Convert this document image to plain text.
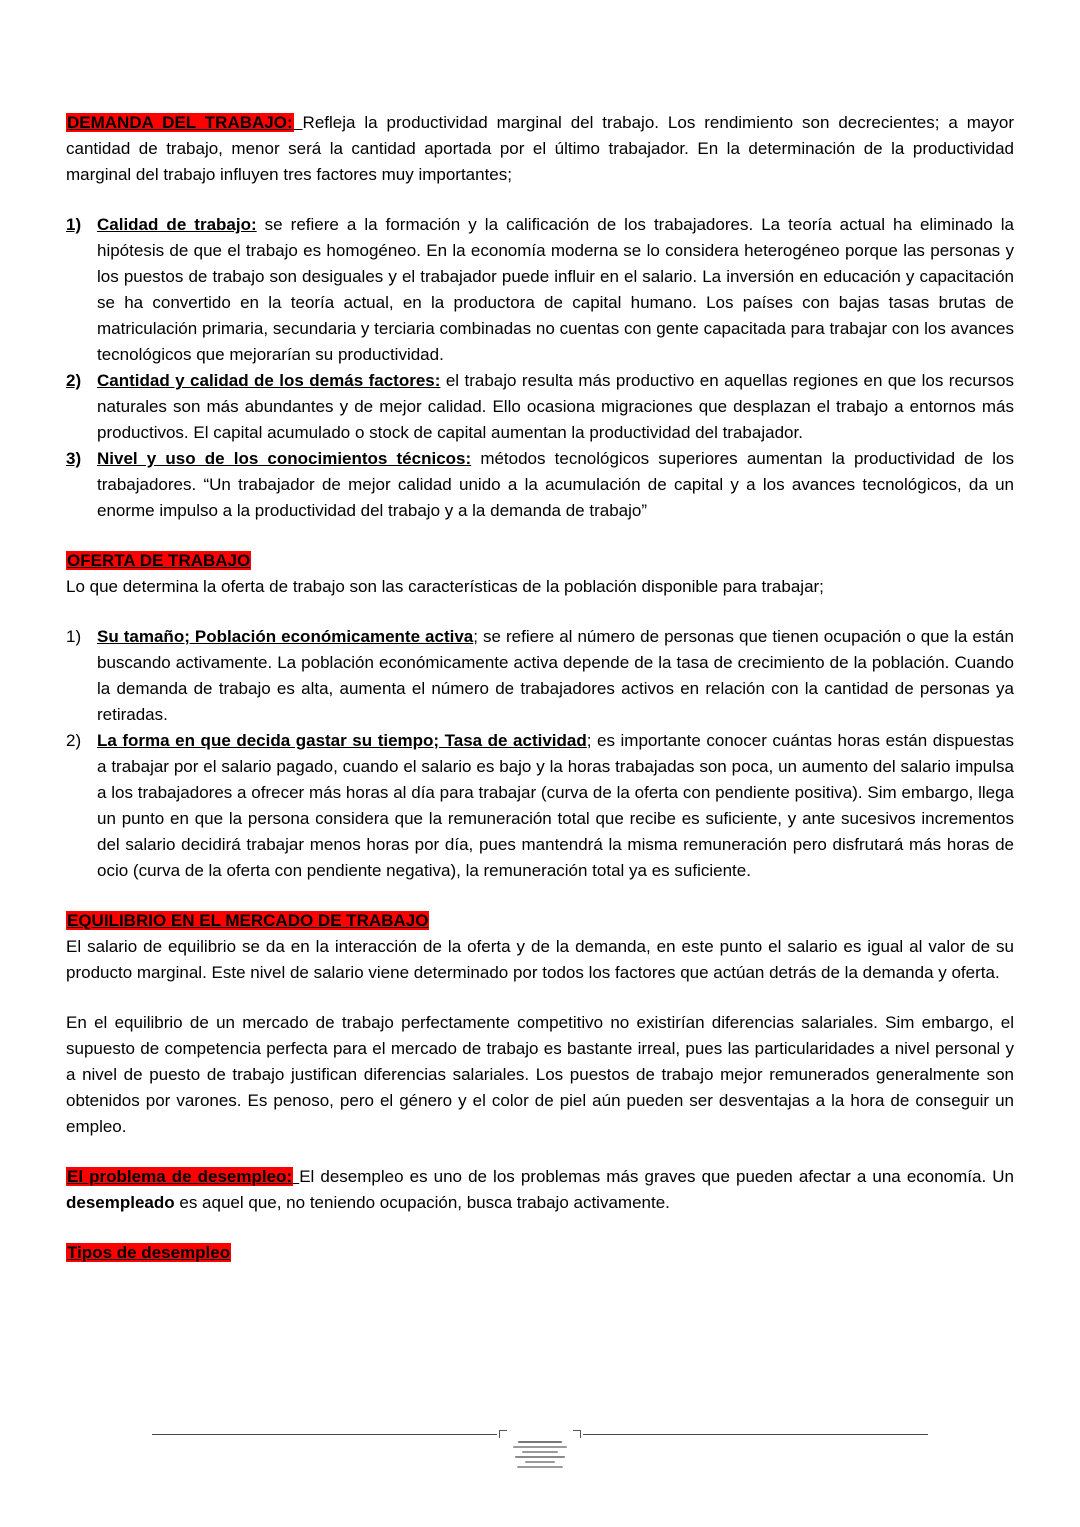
DEMANDA DEL TRABAJO: Refleja la productividad marginal del trabajo. Los rendimiento son decrecientes; a mayor cantidad de trabajo, menor será la cantidad aportada por el último trabajador. En la determinación de la productividad marginal del trabajo influyen tres factores muy importantes;

1) Calidad de trabajo: se refiere a la formación y la calificación de los trabajadores. La teoría actual ha eliminado la hipótesis de que el trabajo es homogéneo. En la economía moderna se lo considera heterogéneo porque las personas y los puestos de trabajo son desiguales y el trabajador puede influir en el salario. La inversión en educación y capacitación se ha convertido en la teoría actual, en la productora de capital humano. Los países con bajas tasas brutas de matriculación primaria, secundaria y terciaria combinadas no cuentas con gente capacitada para trabajar con los avances tecnológicos que mejorarían su productividad.
2) Cantidad y calidad de los demás factores: el trabajo resulta más productivo en aquellas regiones en que los recursos naturales son más abundantes y de mejor calidad. Ello ocasiona migraciones que desplazan el trabajo a entornos más productivos. El capital acumulado o stock de capital aumentan la productividad del trabajador.
3) Nivel y uso de los conocimientos técnicos: métodos tecnológicos superiores aumentan la productividad de los trabajadores. “Un trabajador de mejor calidad unido a la acumulación de capital y a los avances tecnológicos, da un enorme impulso a la productividad del trabajo y a la demanda de trabajo”

OFERTA DE TRABAJO

Lo que determina la oferta de trabajo son las características de la población disponible para trabajar;

1) Su tamaño; Población económicamente activa; se refiere al número de personas que tienen ocupación o que la están buscando activamente. La población económicamente activa depende de la tasa de crecimiento de la población. Cuando la demanda de trabajo es alta, aumenta el número de trabajadores activos en relación con la cantidad de personas ya retiradas.
2) La forma en que decida gastar su tiempo; Tasa de actividad; es importante conocer cuántas horas están dispuestas a trabajar por el salario pagado, cuando el salario es bajo y la horas trabajadas son poca, un aumento del salario impulsa a los trabajadores a ofrecer más horas al día para trabajar (curva de la oferta con pendiente positiva). Sim embargo, llega un punto en que la persona considera que la remuneración total que recibe es suficiente, y ante sucesivos incrementos del salario decidirá trabajar menos horas por día, pues mantendrá la misma remuneración pero disfrutará más horas de ocio (curva de la oferta con pendiente negativa), la remuneración total ya es suficiente.

EQUILIBRIO EN EL MERCADO DE TRABAJO

El salario de equilibrio se da en la interacción de la oferta y de la demanda, en este punto el salario es igual al valor de su producto marginal. Este nivel de salario viene determinado por todos los factores que actúan detrás de la demanda y oferta.

En el equilibrio de un mercado de trabajo perfectamente competitivo no existirían diferencias salariales. Sim embargo, el supuesto de competencia perfecta para el mercado de trabajo es bastante irreal, pues las particularidades a nivel personal y a nivel de puesto de trabajo justifican diferencias salariales. Los puestos de trabajo mejor remunerados generalmente son obtenidos por varones. Es penoso, pero el género y el color de piel aún pueden ser desventajas a la hora de conseguir un empleo.

El problema de desempleo: El desempleo es uno de los problemas más graves que pueden afectar a una economía. Un desempleado es aquel que, no teniendo ocupación, busca trabajo activamente.

Tipos de desempleo
